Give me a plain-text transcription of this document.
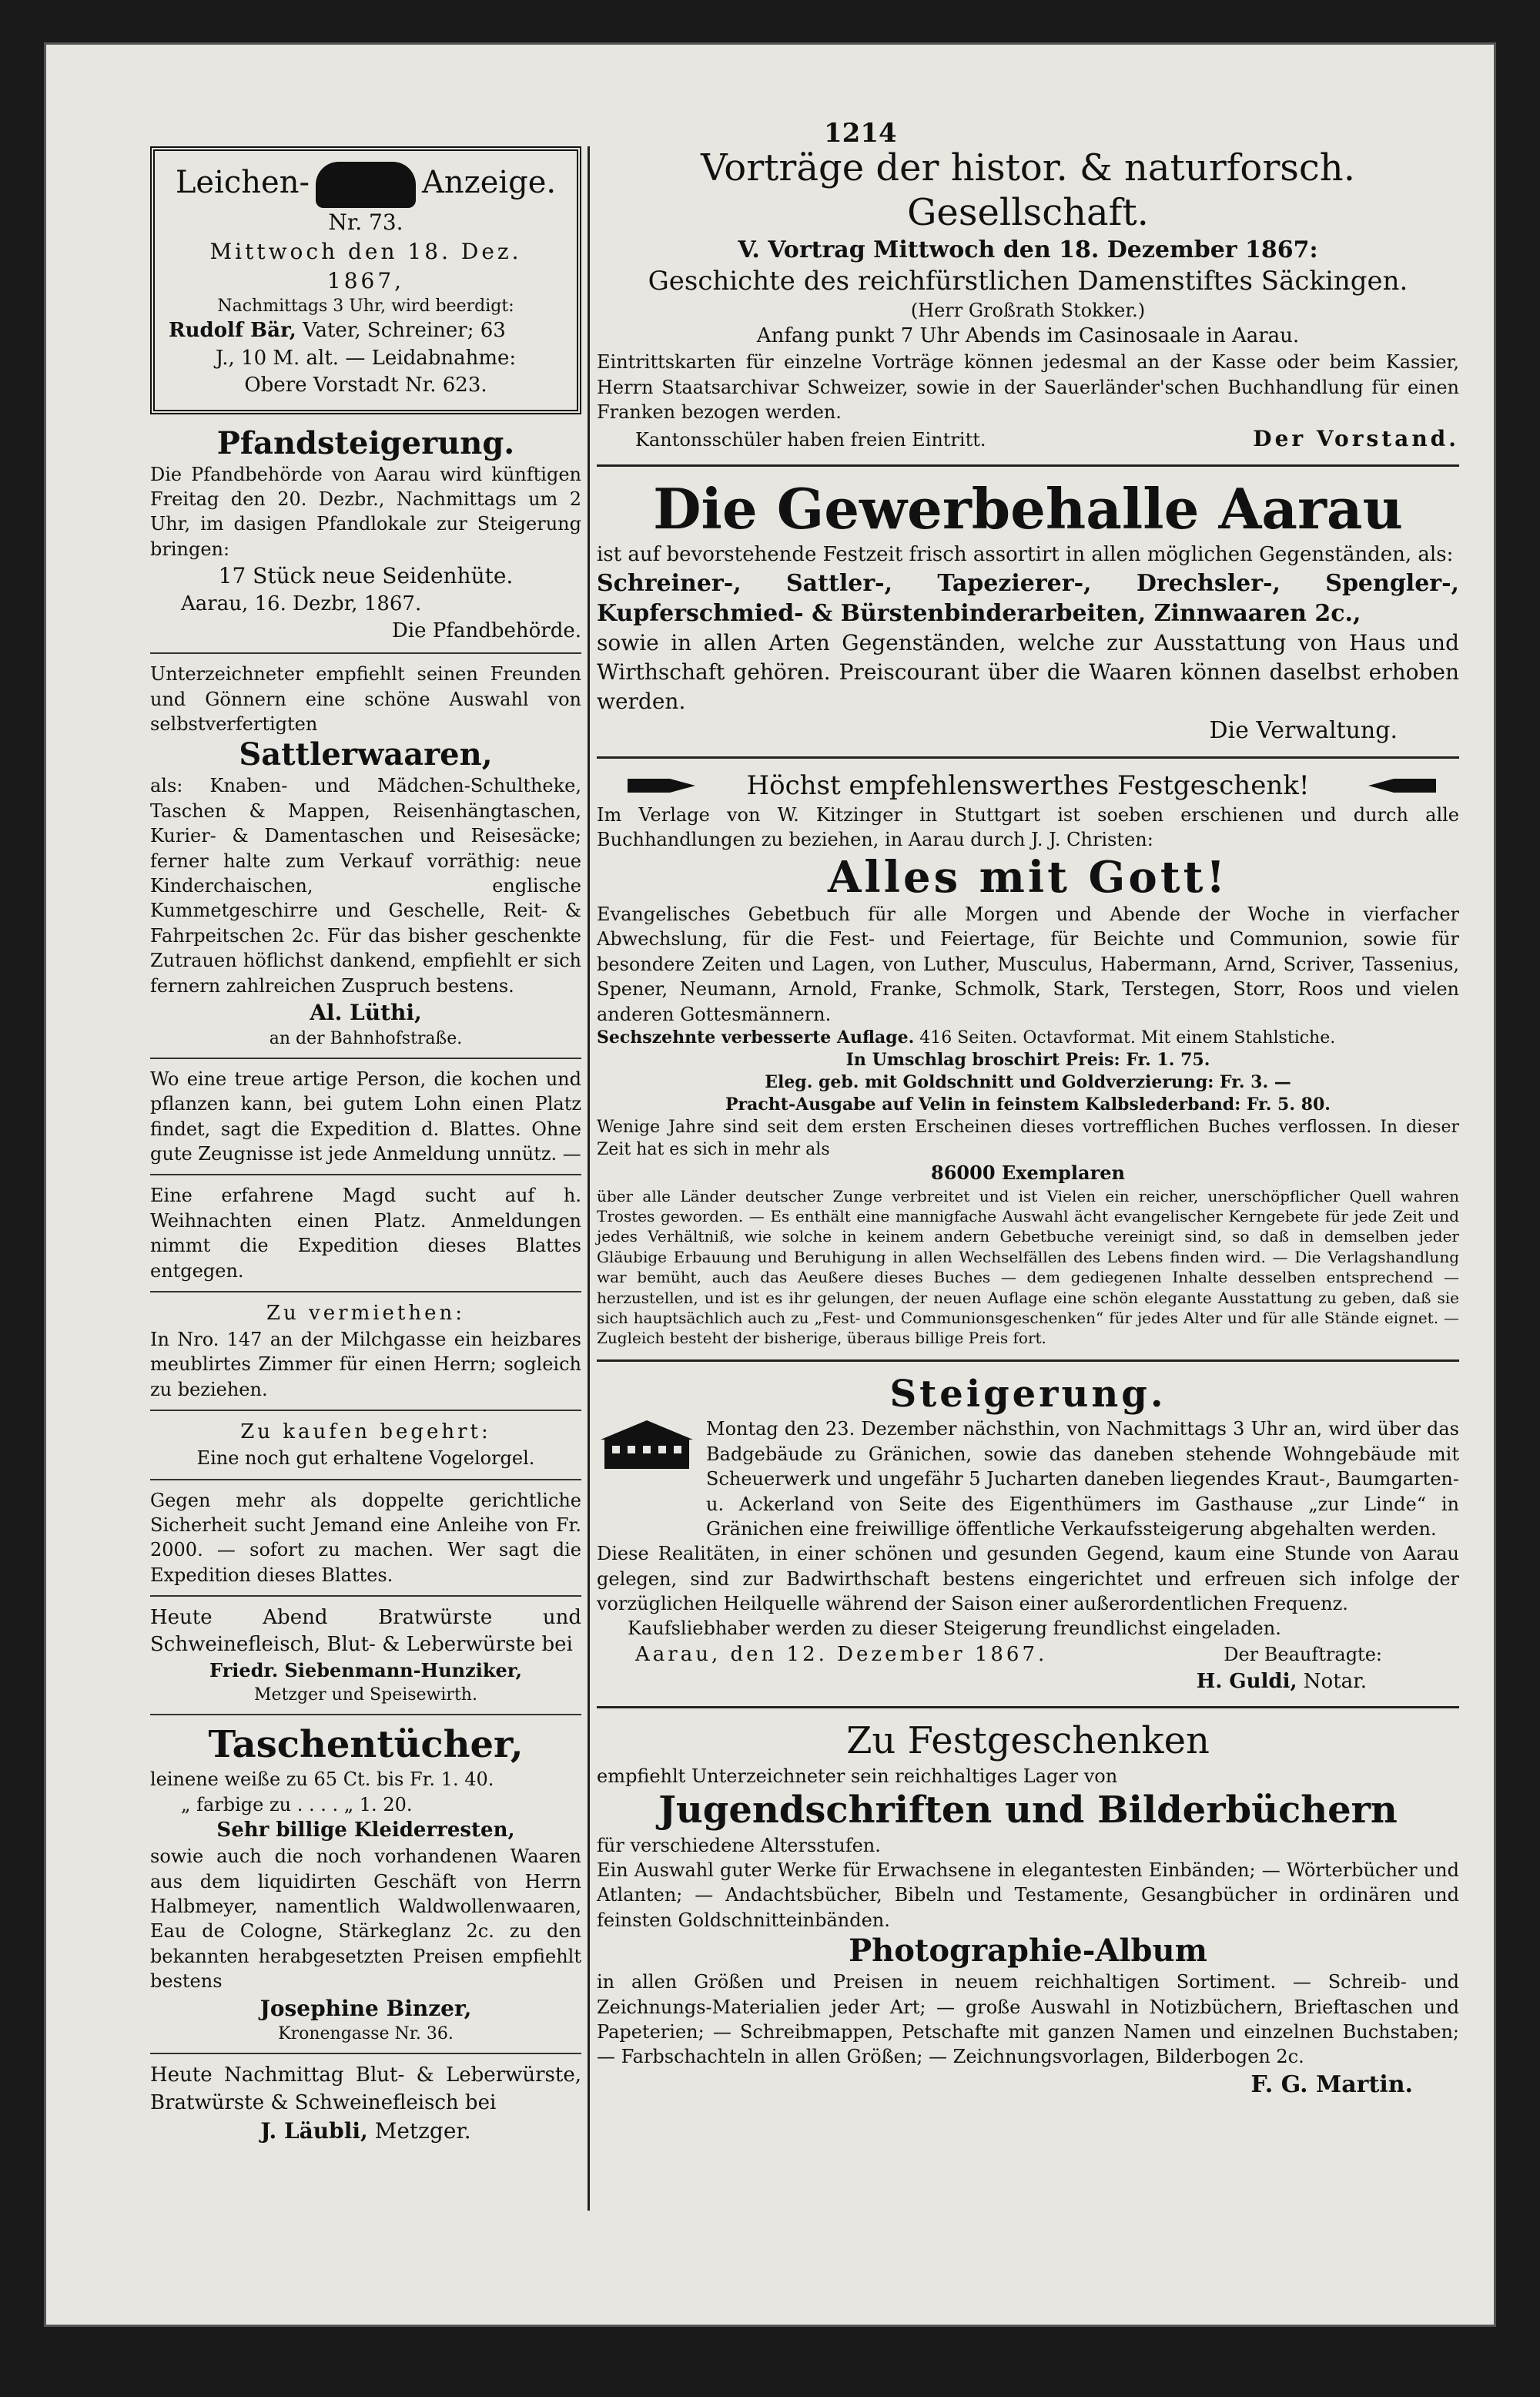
1214

Leichen-	Anzeige.

Nr. 73.

Mittwoch den 18. Dez. 1867,

Nachmittags 3 Uhr, wird beerdigt:

Rudolf Bär, Vater, Schreiner; 63

J., 10 M. alt. — Leidabnahme:

Obere Vorstadt Nr. 623.

Pfandsteigerung.

Die Pfandbehörde von Aarau wird künftigen Freitag den 20. Dezbr., Nachmittags um 2 Uhr, im dasigen Pfandlokale zur Steigerung bringen:

17 Stück neue Seidenhüte.

Aarau, 16. Dezbr, 1867.

Die Pfandbehörde.

Unterzeichneter empfiehlt seinen Freunden und Gönnern eine schöne Auswahl von selbstverfertigten

Sattlerwaaren,

als: Knaben- und Mädchen-Schultheke, Taschen & Mappen, Reisenhängtaschen, Kurier- & Damentaschen und Reisesäcke; ferner halte zum Verkauf vorräthig: neue Kinderchaischen, englische Kummetgeschirre und Geschelle, Reit- & Fahrpeitschen 2c. Für das bisher geschenkte Zutrauen höflichst dankend, empfiehlt er sich fernern zahlreichen Zuspruch bestens.

Al. Lüthi,

an der Bahnhofstraße.

Wo eine treue artige Person, die kochen und pflanzen kann, bei gutem Lohn einen Platz findet, sagt die Expedition d. Blattes. Ohne gute Zeugnisse ist jede Anmeldung unnütz. —

Eine erfahrene Magd sucht auf h. Weihnachten einen Platz. Anmeldungen nimmt die Expedition dieses Blattes entgegen.

Zu vermiethen:

In Nro. 147 an der Milchgasse ein heizbares meublirtes Zimmer für einen Herrn; sogleich zu beziehen.

Zu kaufen begehrt:

Eine noch gut erhaltene Vogelorgel.

Gegen mehr als doppelte gerichtliche Sicherheit sucht Jemand eine Anleihe von Fr. 2000. — sofort zu machen. Wer sagt die Expedition dieses Blattes.

Heute Abend Bratwürste und Schweinefleisch, Blut- & Leberwürste bei

Friedr. Siebenmann-Hunziker,

Metzger und Speisewirth.

Taschentücher,

leinene weiße zu 65 Ct. bis Fr. 1. 40.

„ farbige zu . . . . „ 1. 20.

Sehr billige Kleiderresten,

sowie auch die noch vorhandenen Waaren aus dem liquidirten Geschäft von Herrn Halbmeyer, namentlich Waldwollenwaaren, Eau de Cologne, Stärkeglanz 2c. zu den bekannten herabgesetzten Preisen empfiehlt bestens

Josephine Binzer,

Kronengasse Nr. 36.

Heute Nachmittag Blut- & Leberwürste, Bratwürste & Schweinefleisch bei

J. Läubli, Metzger.

Vorträge der histor. & naturforsch. Gesellschaft.

V. Vortrag Mittwoch den 18. Dezember 1867:

Geschichte des reichfürstlichen Damenstiftes Säckingen.

(Herr Großrath Stokker.)

Anfang punkt 7 Uhr Abends im Casinosaale in Aarau.

Eintrittskarten für einzelne Vorträge können jedesmal an der Kasse oder beim Kassier, Herrn Staatsarchivar Schweizer, sowie in der Sauerländer'schen Buchhandlung für einen Franken bezogen werden.

Kantonsschüler haben freien Eintritt.	Der Vorstand.

Die Gewerbehalle Aarau

ist auf bevorstehende Festzeit frisch assortirt in allen möglichen Gegenständen, als:

Schreiner-, Sattler-, Tapezierer-, Drechsler-, Spengler-, Kupferschmied- & Bürstenbinderarbeiten, Zinnwaaren 2c.,

sowie in allen Arten Gegenständen, welche zur Ausstattung von Haus und Wirthschaft gehören. Preiscourant über die Waaren können daselbst erhoben werden.

Die Verwaltung.

Höchst empfehlenswerthes Festgeschenk!

Im Verlage von W. Kitzinger in Stuttgart ist soeben erschienen und durch alle Buchhandlungen zu beziehen, in Aarau durch J. J. Christen:

Alles mit Gott!

Evangelisches Gebetbuch für alle Morgen und Abende der Woche in vierfacher Abwechslung, für die Fest- und Feiertage, für Beichte und Communion, sowie für besondere Zeiten und Lagen, von Luther, Musculus, Habermann, Arnd, Scriver, Tassenius, Spener, Neumann, Arnold, Franke, Schmolk, Stark, Terstegen, Storr, Roos und vielen anderen Gottesmännern.

Sechszehnte verbesserte Auflage. 416 Seiten. Octavformat. Mit einem Stahlstiche.

In Umschlag broschirt Preis: Fr. 1. 75.

Eleg. geb. mit Goldschnitt und Goldverzierung: Fr. 3. —

Pracht-Ausgabe auf Velin in feinstem Kalbslederband: Fr. 5. 80.

Wenige Jahre sind seit dem ersten Erscheinen dieses vortrefflichen Buches verflossen. In dieser Zeit hat es sich in mehr als

86000 Exemplaren

über alle Länder deutscher Zunge verbreitet und ist Vielen ein reicher, unerschöpflicher Quell wahren Trostes geworden. — Es enthält eine mannigfache Auswahl ächt evangelischer Kerngebete für jede Zeit und jedes Verhältniß, wie solche in keinem andern Gebetbuche vereinigt sind, so daß in demselben jeder Gläubige Erbauung und Beruhigung in allen Wechselfällen des Lebens finden wird. — Die Verlagshandlung war bemüht, auch das Aeußere dieses Buches — dem gediegenen Inhalte desselben entsprechend — herzustellen, und ist es ihr gelungen, der neuen Auflage eine schön elegante Ausstattung zu geben, daß sie sich hauptsächlich auch zu „Fest- und Communionsgeschenken“ für jedes Alter und für alle Stände eignet. — Zugleich besteht der bisherige, überaus billige Preis fort.

Steigerung.

Montag den 23. Dezember nächsthin, von Nachmittags 3 Uhr an, wird über das Badgebäude zu Gränichen, sowie das daneben stehende Wohngebäude mit Scheuerwerk und ungefähr 5 Jucharten daneben liegendes Kraut-, Baumgarten- u. Ackerland von Seite des Eigenthümers im Gasthause „zur Linde“ in Gränichen eine freiwillige öffentliche Verkaufssteigerung abgehalten werden.

Diese Realitäten, in einer schönen und gesunden Gegend, kaum eine Stunde von Aarau gelegen, sind zur Badwirthschaft bestens eingerichtet und erfreuen sich infolge der vorzüglichen Heilquelle während der Saison einer außerordentlichen Frequenz.

Kaufsliebhaber werden zu dieser Steigerung freundlichst eingeladen.

Aarau, den 12. Dezember 1867.	Der Beauftragte:

H. Guldi, Notar.

Zu Festgeschenken

empfiehlt Unterzeichneter sein reichhaltiges Lager von

Jugendschriften und Bilderbüchern

für verschiedene Altersstufen.

Ein Auswahl guter Werke für Erwachsene in elegantesten Einbänden; — Wörterbücher und Atlanten; — Andachtsbücher, Bibeln und Testamente, Gesangbücher in ordinären und feinsten Goldschnitteinbänden.

Photographie-Album

in allen Größen und Preisen in neuem reichhaltigen Sortiment. — Schreib- und Zeichnungs-Materialien jeder Art; — große Auswahl in Notizbüchern, Brieftaschen und Papeterien; — Schreibmappen, Petschafte mit ganzen Namen und einzelnen Buchstaben; — Farbschachteln in allen Größen; — Zeichnungsvorlagen, Bilderbogen 2c.

F. G. Martin.
